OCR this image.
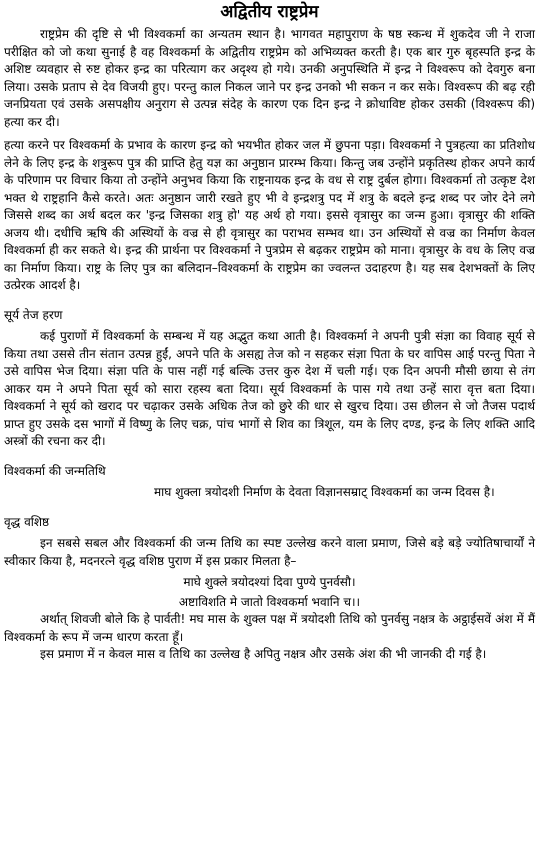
अद्वितीय राष्ट्रप्रेम

राष्ट्रप्रेम की दृष्टि से भी विश्वकर्मा का अन्यतम स्थान है। भागवत महापुराण के षष्ठ स्कन्ध में शुकदेव जी ने राजा परीक्षित को जो कथा सुनाई है वह विश्वकर्मा के अद्वितीय राष्ट्रप्रेम को अभिव्यक्त करती है। एक बार गुरु बृहस्पति इन्द्र के अशिष्ट व्यवहार से रुष्ट होकर इन्द्र का परित्याग कर अदृश्य हो गये। उनकी अनुपस्थिति में इन्द्र ने विश्वरूप को देवगुरु बना लिया। उसके प्रताप से देव विजयी हुए। परन्तु काल निकल जाने पर इन्द्र उनको भी सकन न कर सके। विश्वरूप की बढ़ रही जनप्रियता एवं उसके असपक्षीय अनुराग से उत्पन्न संदेह के कारण एक दिन इन्द्र ने क्रोधाविष्ट होकर उसकी (विश्वरूप की) हत्या कर दी।

हत्या करने पर विश्वकर्मा के प्रभाव के कारण इन्द्र को भयभीत होकर जल में छुपना पड़ा। विश्वकर्मा ने पुत्रहत्या का प्रतिशोध लेने के लिए इन्द्र के शत्रुरूप पुत्र की प्राप्ति हेतु यज्ञ का अनुष्ठान प्रारम्भ किया। किन्तु जब उन्होंने प्रकृतिस्थ होकर अपने कार्य के परिणाम पर विचार किया तो उन्होंने अनुभव किया कि राष्ट्रनायक इन्द्र के वध से राष्ट्र दुर्बल होगा। विश्वकर्मा तो उत्कृष्ट देश भक्त थे राष्ट्रहानि कैसे करते। अतः अनुष्ठान जारी रखते हुए भी वे इन्द्रशत्रु पद में शत्रु के बदले इन्द्र शब्द पर जोर देने लगे जिससे शब्द का अर्थ बदल कर 'इन्द्र जिसका शत्रु हो' यह अर्थ हो गया। इससे वृत्रासुर का जन्म हुआ। वृत्रासुर की शक्ति अजय थी। दधीचि ऋषि की अस्थियों के वज्र से ही वृत्रासुर का पराभव सम्भव था। उन अस्थियों से वज्र का निर्माण केवल विश्वकर्मा ही कर सकते थे। इन्द्र की प्रार्थना पर विश्वकर्मा ने पुत्रप्रेम से बढ़कर राष्ट्रप्रेम को माना। वृत्रासुर के वध के लिए वज्र का निर्माण किया। राष्ट्र के लिए पुत्र का बलिदान–विश्वकर्मा के राष्ट्रप्रेम का ज्वलन्त उदाहरण है। यह सब देशभक्तों के लिए उत्प्रेरक आदर्श है।

सूर्य तेज हरण

कई पुराणों में विश्वकर्मा के सम्बन्ध में यह अद्भुत कथा आती है। विश्वकर्मा ने अपनी पुत्री संज्ञा का विवाह सूर्य से किया तथा उससे तीन संतान उत्पन्न हुईं, अपने पति के असह्य तेज को न सहकर संज्ञा पिता के घर वापिस आई परन्तु पिता ने उसे वापिस भेज दिया। संज्ञा पति के पास नहीं गई बल्कि उत्तर कुरु देश में चली गई। एक दिन अपनी मौसी छाया से तंग आकर यम ने अपने पिता सूर्य को सारा रहस्य बता दिया। सूर्य विश्वकर्मा के पास गये तथा उन्हें सारा वृत्त बता दिया। विश्वकर्मा ने सूर्य को खराद पर चढ़ाकर उसके अधिक तेज को छुरे की धार से खुरच दिया। उस छीलन से जो तैजस पदार्थ प्राप्त हुए उसके दस भागों में विष्णु के लिए चक्र, पांच भागों से शिव का त्रिशूल, यम के लिए दण्ड, इन्द्र के लिए शक्ति आदि अस्त्रों की रचना कर दी।

विश्वकर्मा की जन्मतिथि

माघ शुक्ला त्रयोदशी निर्माण के देवता विज्ञानसम्राट् विश्वकर्मा का जन्म दिवस है।

वृद्ध वशिष्ठ

इन सबसे सबल और विश्वकर्मा की जन्म तिथि का स्पष्ट उल्लेख करने वाला प्रमाण, जिसे बड़े बड़े ज्योतिषाचार्यों ने स्वीकार किया है, मदनरत्ने वृद्ध वशिष्ठ पुराण में इस प्रकार मिलता है–

माघे शुक्ले त्रयोदश्यां दिवा पुण्ये पुनर्वसौ।
अष्टाविशति मे जातो विश्वकर्मा भवानि च।।

अर्थात् शिवजी बोले कि हे पार्वती! मघ मास के शुक्ल पक्ष में त्रयोदशी तिथि को पुनर्वसु नक्षत्र के अट्ठाईसवें अंश में मैं विश्वकर्मा के रूप में जन्म धारण करता हूँ।

इस प्रमाण में न केवल मास व तिथि का उल्लेख है अपितु नक्षत्र और उसके अंश की भी जानकी दी गई है।
